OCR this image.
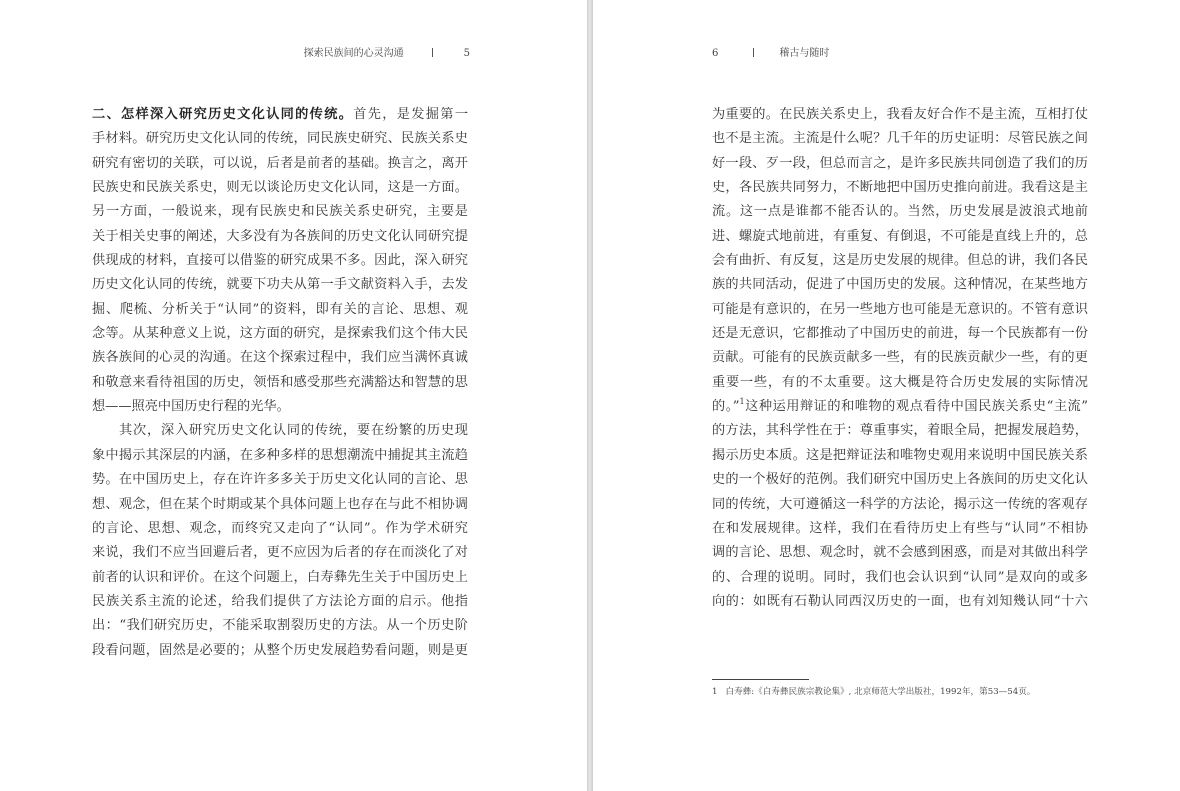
探索民族间的心灵沟通	5
二、怎样深入研究历史文化认同的传统。首先，是发掘第一
手材料。研究历史文化认同的传统，同民族史研究、民族关系史
研究有密切的关联，可以说，后者是前者的基础。换言之，离开
民族史和民族关系史，则无以谈论历史文化认同，这是一方面。
另一方面，一般说来，现有民族史和民族关系史研究，主要是
关于相关史事的阐述，大多没有为各族间的历史文化认同研究提
供现成的材料，直接可以借鉴的研究成果不多。因此，深入研究
历史文化认同的传统，就要下功夫从第一手文献资料入手，去发
掘、爬梳、分析关于“认同”的资料，即有关的言论、思想、观
念等。从某种意义上说，这方面的研究，是探索我们这个伟大民
族各族间的心灵的沟通。在这个探索过程中，我们应当满怀真诚
和敬意来看待祖国的历史，领悟和感受那些充满豁达和智慧的思
想——照亮中国历史行程的光华。
其次，深入研究历史文化认同的传统，要在纷繁的历史现
象中揭示其深层的内涵，在多种多样的思想潮流中捕捉其主流趋
势。在中国历史上，存在许许多多关于历史文化认同的言论、思
想、观念，但在某个时期或某个具体问题上也存在与此不相协调
的言论、思想、观念，而终究又走向了“认同”。作为学术研究
来说，我们不应当回避后者，更不应因为后者的存在而淡化了对
前者的认识和评价。在这个问题上，白寿彝先生关于中国历史上
民族关系主流的论述，给我们提供了方法论方面的启示。他指
出：“我们研究历史，不能采取割裂历史的方法。从一个历史阶
段看问题，固然是必要的；从整个历史发展趋势看问题，则是更
6	稽古与随时
为重要的。在民族关系史上，我看友好合作不是主流，互相打仗
也不是主流。主流是什么呢？几千年的历史证明：尽管民族之间
好一段、歹一段，但总而言之，是许多民族共同创造了我们的历
史，各民族共同努力，不断地把中国历史推向前进。我看这是主
流。这一点是谁都不能否认的。当然，历史发展是波浪式地前
进、螺旋式地前进，有重复、有倒退，不可能是直线上升的，总
会有曲折、有反复，这是历史发展的规律。但总的讲，我们各民
族的共同活动，促进了中国历史的发展。这种情况，在某些地方
可能是有意识的，在另一些地方也可能是无意识的。不管有意识
还是无意识，它都推动了中国历史的前进，每一个民族都有一份
贡献。可能有的民族贡献多一些，有的民族贡献少一些，有的更
重要一些，有的不太重要。这大概是符合历史发展的实际情况
的。”$^1$这种运用辩证的和唯物的观点看待中国民族关系史“主流”
的方法，其科学性在于：尊重事实，着眼全局，把握发展趋势，
揭示历史本质。这是把辩证法和唯物史观用来说明中国民族关系
史的一个极好的范例。我们研究中国历史上各族间的历史文化认
同的传统，大可遵循这一科学的方法论，揭示这一传统的客观存
在和发展规律。这样，我们在看待历史上有些与“认同”不相协
调的言论、思想、观念时，就不会感到困惑，而是对其做出科学
的、合理的说明。同时，我们也会认识到“认同”是双向的或多
向的：如既有石勒认同西汉历史的一面，也有刘知幾认同“十六
1 白寿彝:《白寿彝民族宗教论集》, 北京师范大学出版社，1992年，第53—54页。
